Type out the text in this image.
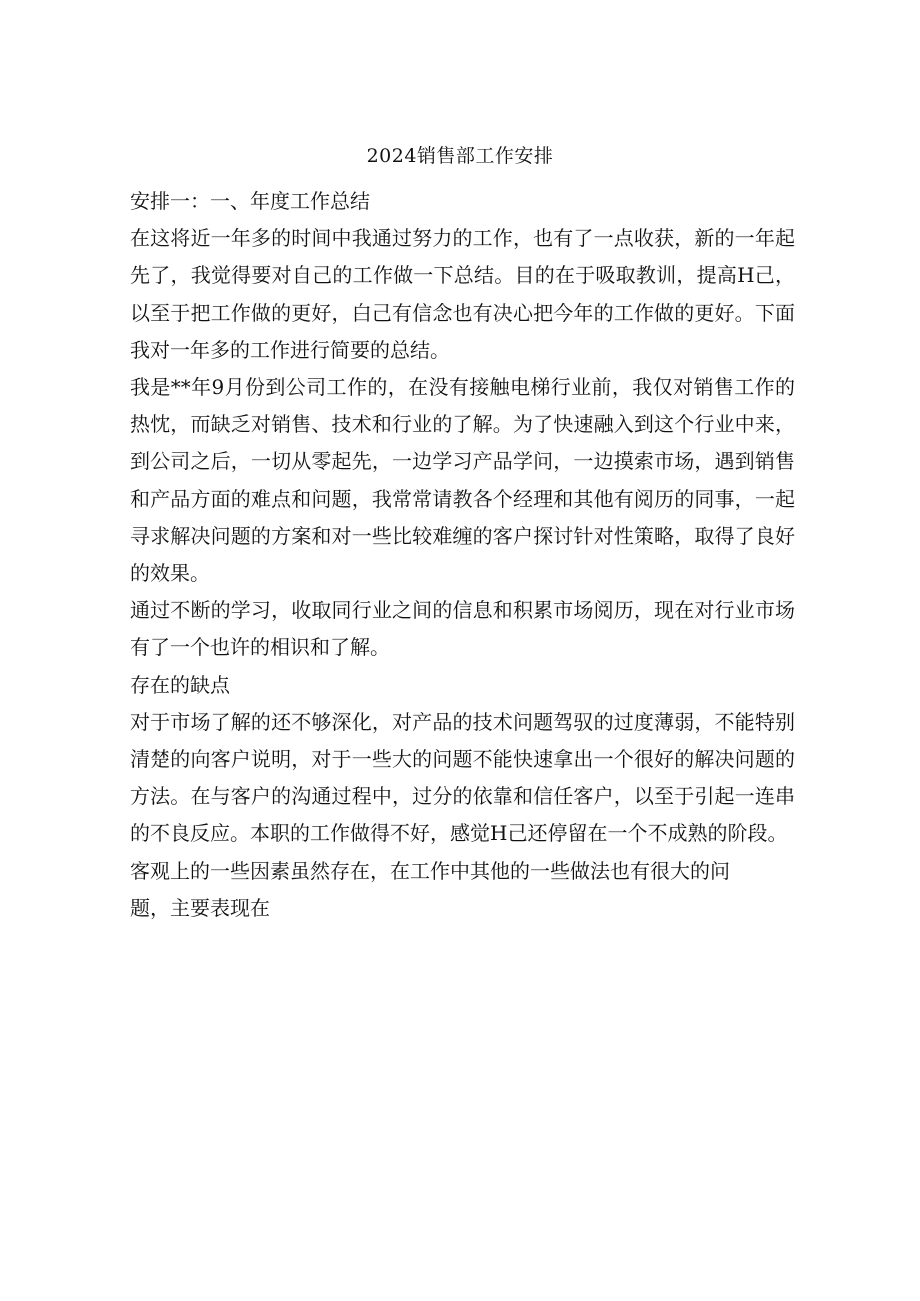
2024销售部工作安排

安排一：一、年度工作总结

在这将近一年多的时间中我通过努力的工作，也有了一点收获，新的一年起先了，我觉得要对自己的工作做一下总结。目的在于吸取教训，提高H己，以至于把工作做的更好，白己有信念也有决心把今年的工作做的更好。下面我对一年多的工作进行简要的总结。

我是**年9月份到公司工作的，在没有接触电梯行业前，我仅对销售工作的热忱，而缺乏对销售、技术和行业的了解。为了快速融入到这个行业中来，到公司之后，一切从零起先，一边学习产品学问，一边摸索市场，遇到销售和产品方面的难点和问题，我常常请教各个经理和其他有阅历的同事，一起寻求解决问题的方案和对一些比较难缠的客户探讨针对性策略，取得了良好的效果。

通过不断的学习，收取同行业之间的信息和积累市场阅历，现在对行业市场有了一个也许的相识和了解。

存在的缺点

对于市场了解的还不够深化，对产品的技术问题驾驭的过度薄弱，不能特别清楚的向客户说明，对于一些大的问题不能快速拿出一个很好的解决问题的方法。在与客户的沟通过程中，过分的依靠和信任客户，以至于引起一连串的不良反应。本职的工作做得不好，感觉H己还停留在一个不成熟的阶段。

客观上的一些因素虽然存在，在工作中其他的一些做法也有很大的问

题，主要表现在
